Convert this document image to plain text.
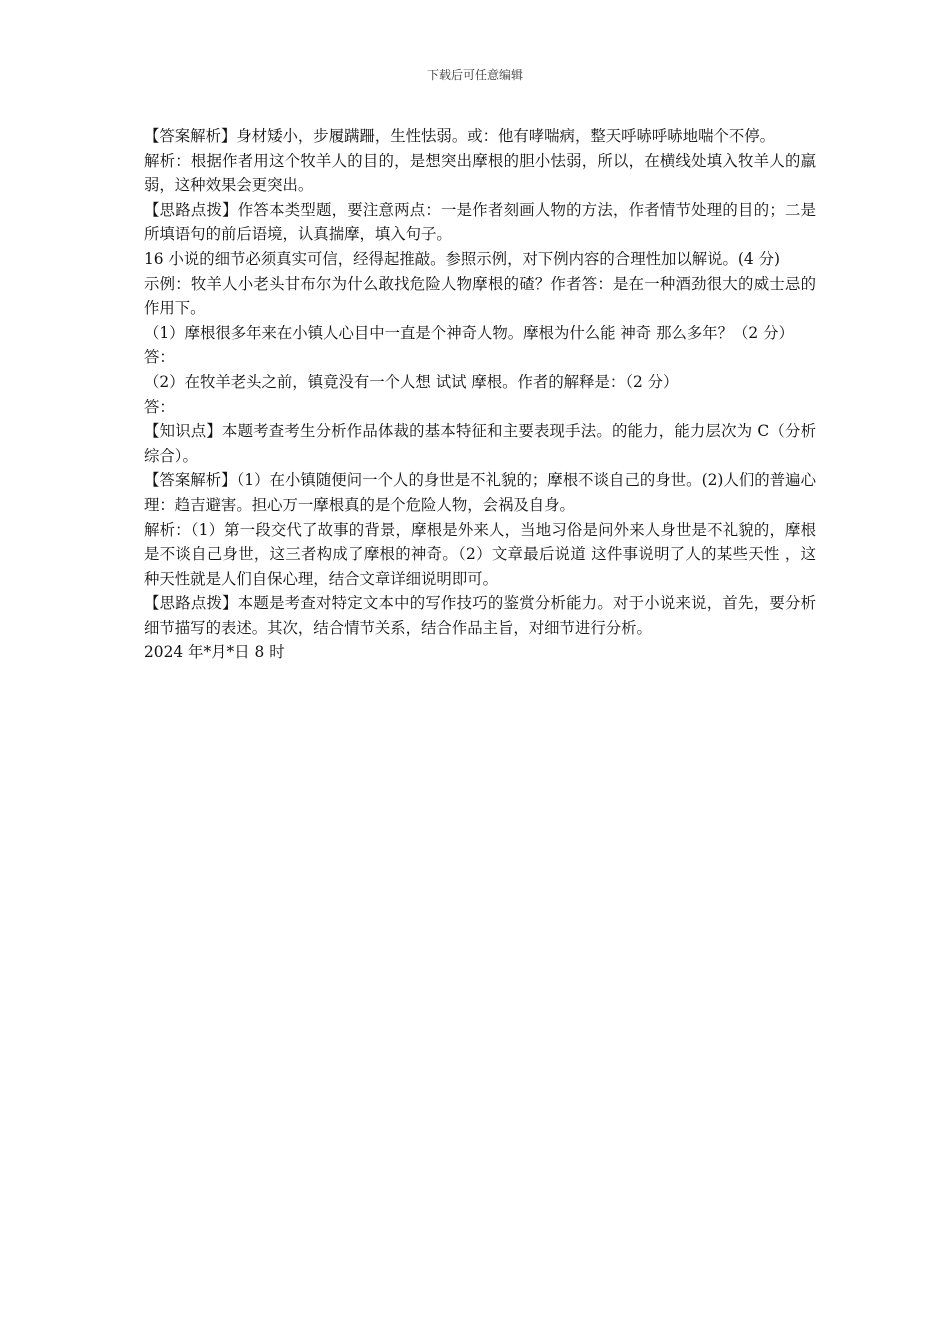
下载后可任意编辑

【答案解析】身材矮小，步履蹒跚，生性怯弱。或：他有哮喘病，整天呼哧呼哧地喘个不停。

解析：根据作者用这个牧羊人的目的，是想突出摩根的胆小怯弱，所以，在横线处填入牧羊人的羸弱，这种效果会更突出。

【思路点拨】作答本类型题，要注意两点：一是作者刻画人物的方法，作者情节处理的目的；二是所填语句的前后语境，认真揣摩，填入句子。

16 小说的细节必须真实可信，经得起推敲。参照示例，对下例内容的合理性加以解说。(4 分)

示例：牧羊人小老头甘布尔为什么敢找危险人物摩根的碴？作者答：是在一种酒劲很大的威士忌的作用下。

（1）摩根很多年来在小镇人心目中一直是个神奇人物。摩根为什么能 神奇 那么多年？（2 分）

答：

（2）在牧羊老头之前，镇竟没有一个人想 试试 摩根。作者的解释是：（2 分）

答：

【知识点】本题考查考生分析作品体裁的基本特征和主要表现手法。的能力，能力层次为 C（分析综合）。

【答案解析】（1）在小镇随便问一个人的身世是不礼貌的；摩根不谈自己的身世。(2)人们的普遍心理：趋吉避害。担心万一摩根真的是个危险人物，会祸及自身。

解析：（1）第一段交代了故事的背景，摩根是外来人，当地习俗是问外来人身世是不礼貌的，摩根是不谈自己身世，这三者构成了摩根的神奇。（2）文章最后说道 这件事说明了人的某些天性 ，这种天性就是人们自保心理，结合文章详细说明即可。

【思路点拨】本题是考查对特定文本中的写作技巧的鉴赏分析能力。对于小说来说，首先，要分析细节描写的表述。其次，结合情节关系，结合作品主旨，对细节进行分析。

2024 年*月*日 8 时
